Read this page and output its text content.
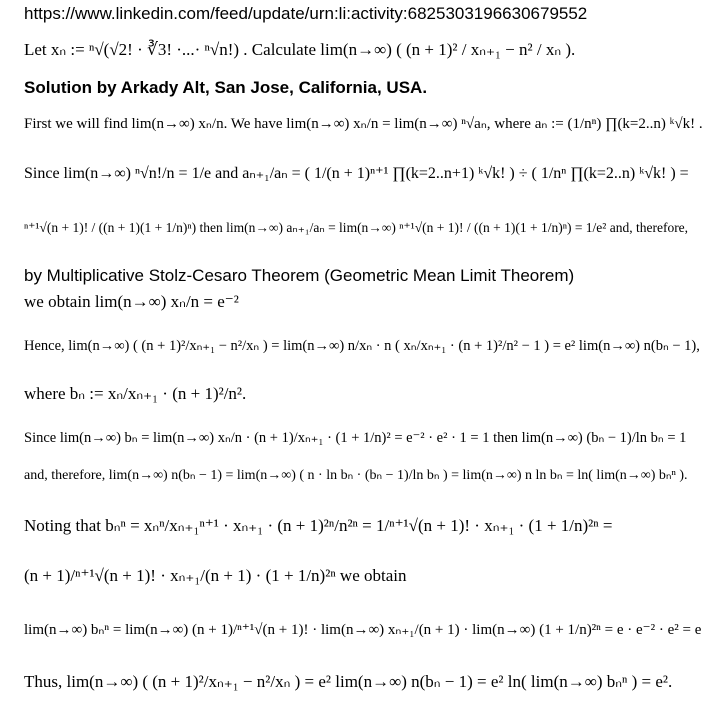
https://www.linkedin.com/feed/update/urn:li:activity:6825303196630679552
Let xₙ := ⁿ√(√2! · ∛3! ·...· ⁿ√n!) . Calculate lim(n→∞) ( (n + 1)² / xₙ₊₁ − n² / xₙ ).
Solution by Arkady Alt, San Jose, California, USA.
First we will find lim(n→∞) xₙ/n. We have lim(n→∞) xₙ/n = lim(n→∞) ⁿ√aₙ, where aₙ := (1/nⁿ) ∏(k=2..n) ᵏ√k! .
Since lim(n→∞) ⁿ√n!/n = 1/e and aₙ₊₁/aₙ = ( 1/(n + 1)ⁿ⁺¹ ∏(k=2..n+1) ᵏ√k! ) ÷ ( 1/nⁿ ∏(k=2..n) ᵏ√k! ) =
ⁿ⁺¹√(n + 1)! / ((n + 1)(1 + 1/n)ⁿ) then lim(n→∞) aₙ₊₁/aₙ = lim(n→∞) ⁿ⁺¹√(n + 1)! / ((n + 1)(1 + 1/n)ⁿ) = 1/e² and, therefore,
by Multiplicative Stolz-Cesaro Theorem (Geometric Mean Limit Theorem)
we obtain lim(n→∞) xₙ/n = e⁻²
Hence, lim(n→∞) ( (n + 1)²/xₙ₊₁ − n²/xₙ ) = lim(n→∞) n/xₙ · n ( xₙ/xₙ₊₁ · (n + 1)²/n² − 1 ) = e² lim(n→∞) n(bₙ − 1),
where bₙ := xₙ/xₙ₊₁ · (n + 1)²/n².
Since lim(n→∞) bₙ = lim(n→∞) xₙ/n · (n + 1)/xₙ₊₁ · (1 + 1/n)² = e⁻² · e² · 1 = 1 then lim(n→∞) (bₙ − 1)/ln bₙ = 1
and, therefore, lim(n→∞) n(bₙ − 1) = lim(n→∞) ( n · ln bₙ · (bₙ − 1)/ln bₙ ) = lim(n→∞) n ln bₙ = ln( lim(n→∞) bₙⁿ ).
Noting that bₙⁿ = xₙⁿ/xₙ₊₁ⁿ⁺¹ · xₙ₊₁ · (n + 1)²ⁿ/n²ⁿ = 1/ⁿ⁺¹√(n + 1)! · xₙ₊₁ · (1 + 1/n)²ⁿ =
(n + 1)/ⁿ⁺¹√(n + 1)! · xₙ₊₁/(n + 1) · (1 + 1/n)²ⁿ we obtain
lim(n→∞) bₙⁿ = lim(n→∞) (n + 1)/ⁿ⁺¹√(n + 1)! · lim(n→∞) xₙ₊₁/(n + 1) · lim(n→∞) (1 + 1/n)²ⁿ = e · e⁻² · e² = e
Thus, lim(n→∞) ( (n + 1)²/xₙ₊₁ − n²/xₙ ) = e² lim(n→∞) n(bₙ − 1) = e² ln( lim(n→∞) bₙⁿ ) = e².
